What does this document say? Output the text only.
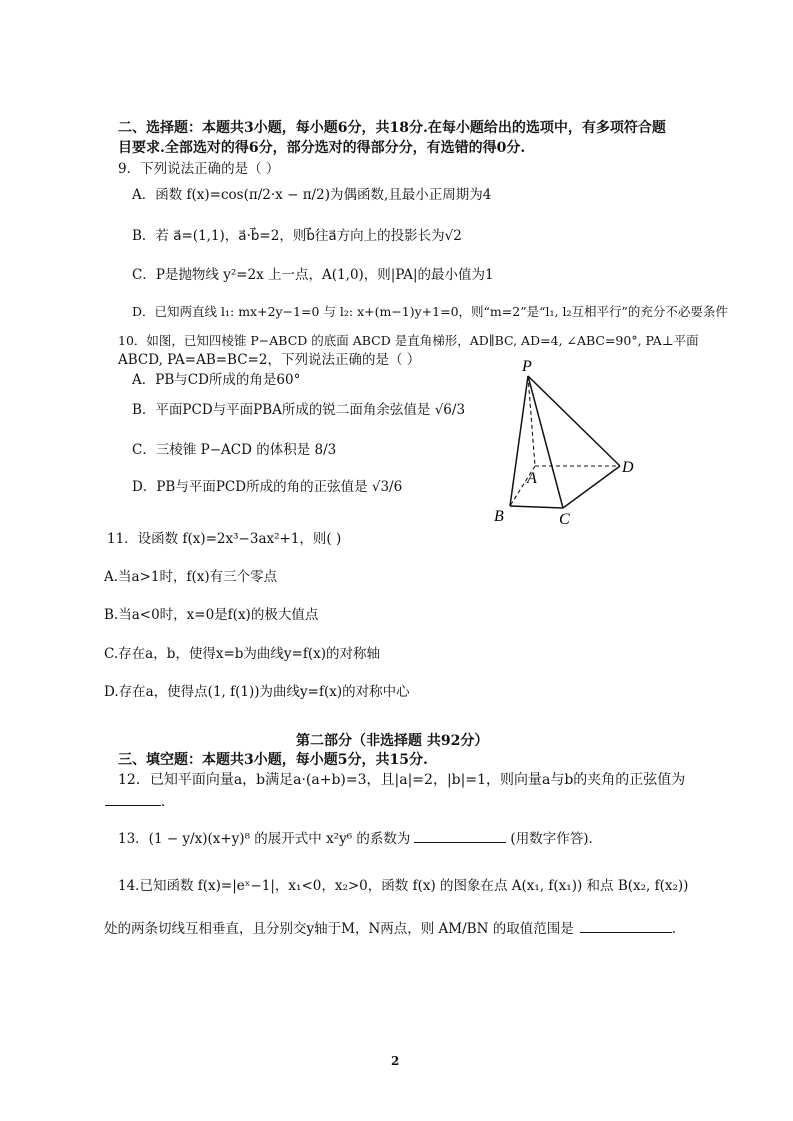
二、选择题：本题共3小题，每小题6分，共18分.在每小题给出的选项中，有多项符合题
目要求.全部选对的得6分，部分选对的得部分分，有选错的得0分.
9．下列说法正确的是（ ）
A．函数 f(x)=cos(π/2·x − π/2)为偶函数,且最小正周期为4
B．若 a⃗=(1,1)，a⃗·b⃗=2，则b⃗往a⃗方向上的投影长为√2
C．P是抛物线 y²=2x 上一点，A(1,0)，则|PA|的最小值为1
D．已知两直线 l₁: mx+2y−1=0 与 l₂: x+(m−1)y+1=0，则“m=2”是“l₁, l₂互相平行”的充分不必要条件
10．如图，已知四棱锥 P−ABCD 的底面 ABCD 是直角梯形，AD∥BC, AD=4, ∠ABC=90°, PA⊥平面
ABCD, PA=AB=BC=2，下列说法正确的是（ ）
A．PB与CD所成的角是60°
B．平面PCD与平面PBA所成的锐二面角余弦值是 √6/3
C．三棱锥 P−ACD 的体积是 8/3
D．PB与平面PCD所成的角的正弦值是 √3/6
P
A
B	C
D
11．设函数 f(x)=2x³−3ax²+1，则( )
A.当a>1时，f(x)有三个零点
B.当a<0时，x=0是f(x)的极大值点
C.存在a，b，使得x=b为曲线y=f(x)的对称轴
D.存在a，使得点(1, f(1))为曲线y=f(x)的对称中心
第二部分（非选择题 共92分）
三、填空题：本题共3小题，每小题5分，共15分.
12．已知平面向量a，b满足a·(a+b)=3，且|a|=2，|b|=1，则向量a与b的夹角的正弦值为
.
13．(1 − y/x)(x+y)⁸ 的展开式中 x²y⁶ 的系数为	(用数字作答)．
14.已知函数 f(x)=|eˣ−1|，x₁<0，x₂>0，函数 f(x) 的图象在点 A(x₁, f(x₁)) 和点 B(x₂, f(x₂))
处的两条切线互相垂直，且分别交y轴于M，N两点，则 AM/BN 的取值范围是	.
2
